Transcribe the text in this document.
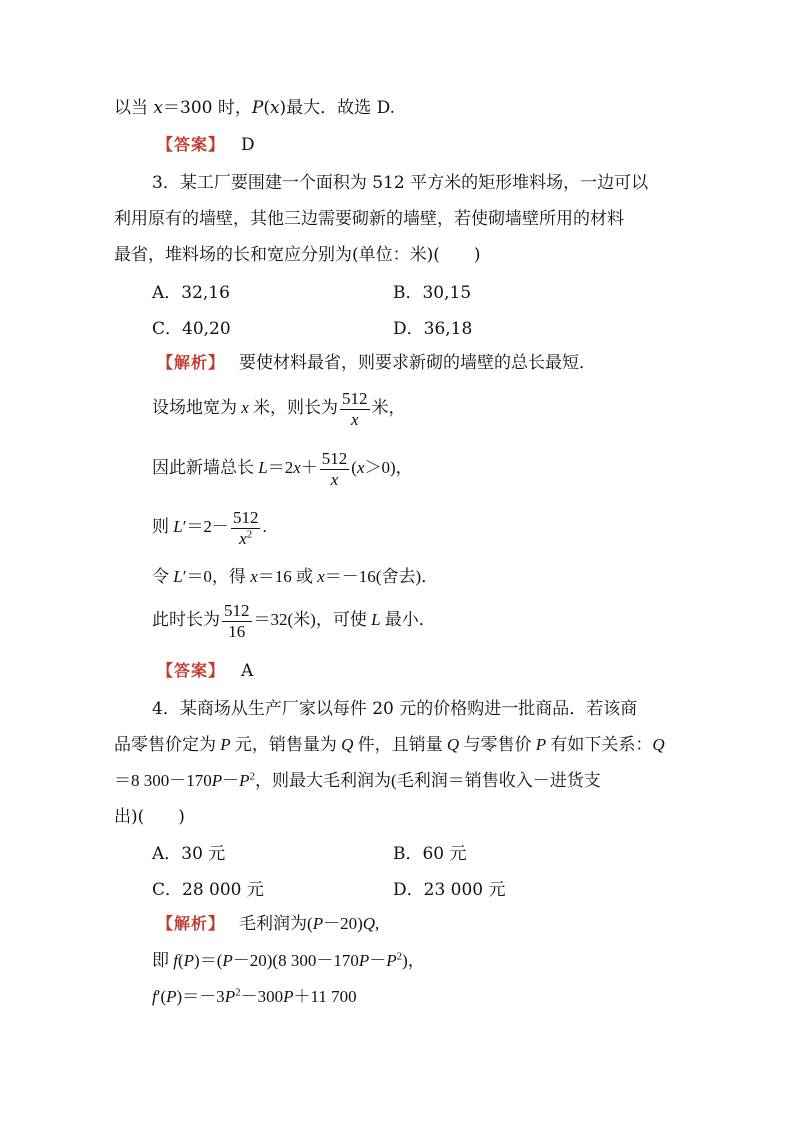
以当 x＝300 时，P(x)最大．故选 D.
【答案】 D
3．某工厂要围建一个面积为 512 平方米的矩形堆料场，一边可以
利用原有的墙壁，其他三边需要砌新的墙壁，若使砌墙壁所用的材料
最省，堆料场的长和宽应分别为(单位：米)(　　)
A．32,16	B．30,15
C．40,20	D．36,18
【解析】 要使材料最省，则要求新砌的墙壁的总长最短．
设场地宽为 x 米，则长为 $\frac{512}{x}$ 米，
因此新墙总长 $L=2x+ \frac{512}{x} (x>0)$，
则 $L'=2- \frac{512}{x^2}$ .
令 L′＝0，得 x＝16 或 x＝－16(舍去)．
此时长为 $\frac{512}{16} =32$(米)，可使 L 最小．
【答案】 A
4．某商场从生产厂家以每件 20 元的价格购进一批商品．若该商
品零售价定为 P 元，销售量为 Q 件，且销量 Q 与零售价 P 有如下关系：Q
＝8 $300-170P-P^2$，则最大毛利润为(毛利润＝销售收入－进货支
出)(　　)
A．30 元	B．60 元
C．28 000 元	D．23 000 元
【解析】 毛利润为(P－20)Q,
即 f(P)＝(P－20)(8 $300-170P-P^2$)，
$f'(P)=-3P^2-300P+11$ 700
